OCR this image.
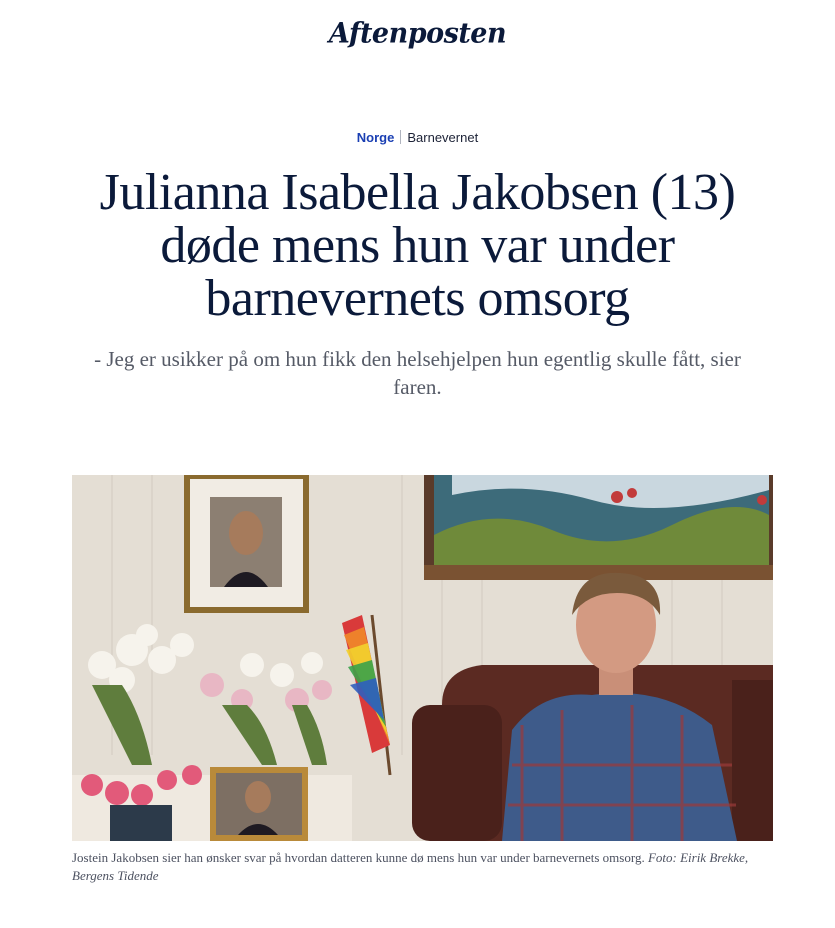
Aftenposten
Norge Barnevernet
Julianna Isabella Jakobsen (13) døde mens hun var under barnevernets omsorg

- Jeg er usikker på om hun fikk den helsehjelpen hun egentlig skulle fått, sier faren.

Jostein Jakobsen sier han ønsker svar på hvordan datteren kunne dø mens hun var under barnevernets omsorg. Foto: Eirik Brekke, Bergens Tidende
